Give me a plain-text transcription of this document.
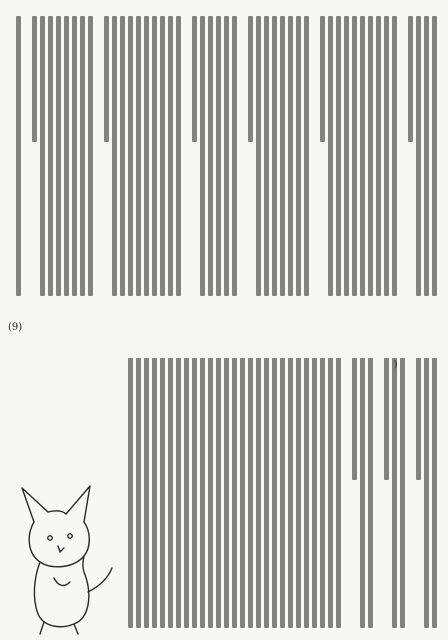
(9)
)
